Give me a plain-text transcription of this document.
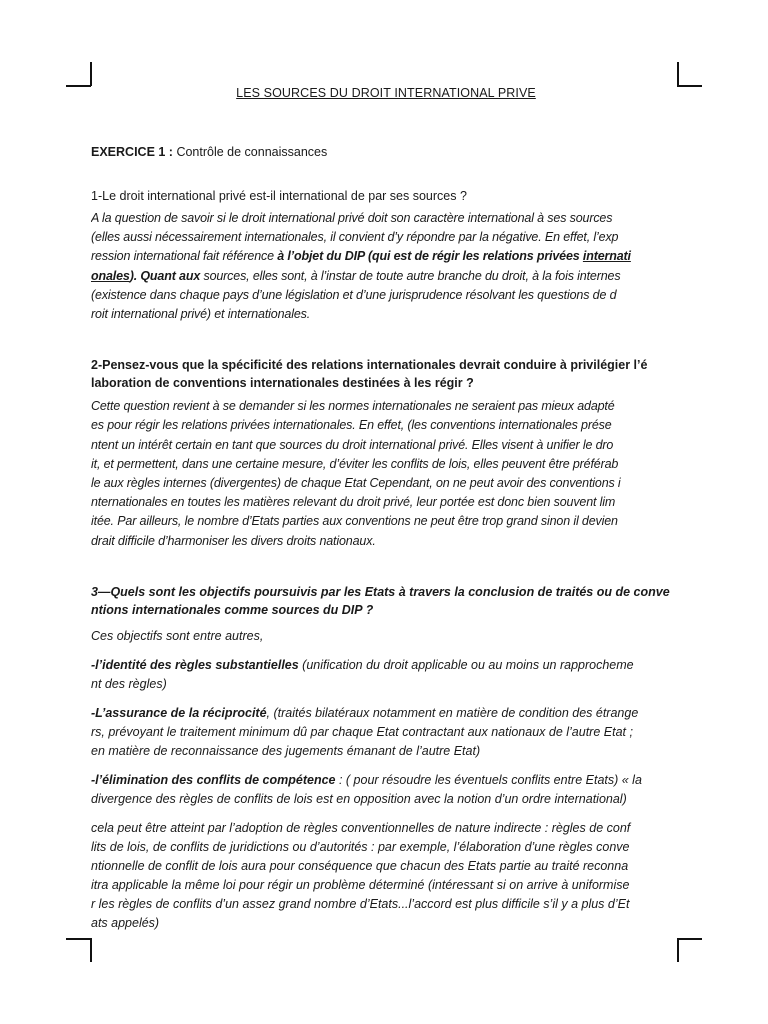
LES SOURCES DU DROIT INTERNATIONAL PRIVE

EXERCICE 1 : Contrôle de connaissances

1-Le droit international privé est-il international de par ses sources ?

A la question de savoir si le droit international privé doit son caractère international à ses sources
(elles aussi nécessairement internationales, il convient d’y répondre par la négative. En effet, l’exp
ression international fait référence à l’objet du DIP (qui est de régir les relations privées internati
onales). Quant aux sources, elles sont, à l’instar de toute autre branche du droit, à la fois internes
(existence dans chaque pays d’une législation et d’une jurisprudence résolvant les questions de d
roit international privé) et internationales.

2-Pensez-vous que la spécificité des relations internationales devrait conduire à privilégier l’é

laboration de conventions internationales destinées à les régir ?

Cette question revient à se demander si les normes internationales ne seraient pas mieux adapté
es pour régir les relations privées internationales. En effet, (les conventions internationales prése
ntent un intérêt certain en tant que sources du droit international privé. Elles visent à unifier le dro
it, et permettent, dans une certaine mesure, d’éviter les conflits de lois, elles peuvent être préférab
le aux règles internes (divergentes) de chaque Etat Cependant, on ne peut avoir des conventions i
nternationales en toutes les matières relevant du droit privé, leur portée est donc bien souvent lim
itée. Par ailleurs, le nombre d’Etats parties aux conventions ne peut être trop grand sinon il devien
drait difficile d’harmoniser les divers droits nationaux.

3—Quels sont les objectifs poursuivis par les Etats à travers la conclusion de traités ou de conve

ntions internationales comme sources du DIP ?

Ces objectifs sont entre autres,
-l’identité des règles substantielles (unification du droit applicable ou au moins un rapprocheme
nt des règles)
-L’assurance de la réciprocité, (traités bilatéraux notamment en matière de condition des étrange
rs, prévoyant le traitement minimum dû par chaque Etat contractant aux nationaux de l’autre Etat ;
en matière de reconnaissance des jugements émanant de l’autre Etat)
-l’élimination des conflits de compétence : ( pour résoudre les éventuels conflits entre Etats) « la
divergence des règles de conflits de lois est en opposition avec la notion d’un ordre international)
cela peut être atteint par l’adoption de règles conventionnelles de nature indirecte : règles de conf
lits de lois, de conflits de juridictions ou d’autorités : par exemple, l’élaboration d’une règles conve
ntionnelle de conflit de lois aura pour conséquence que chacun des Etats partie au traité reconna
itra applicable la même loi pour régir un problème déterminé (intéressant si on arrive à uniformise
r les règles de conflits d’un assez grand nombre d’Etats...l’accord est plus difficile s’il y a plus d’Et
ats appelés)
